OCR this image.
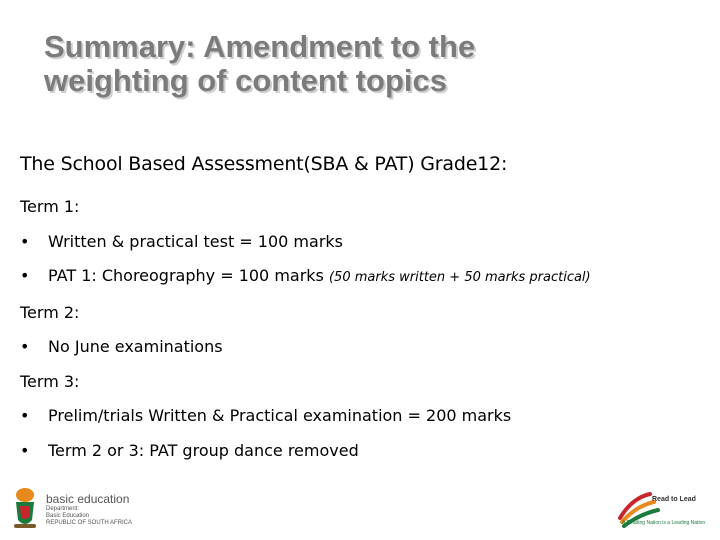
Summary: Amendment to the
weighting of content topics
The School Based Assessment(SBA & PAT) Grade12:
Term 1:
• Written & practical test = 100 marks
• PAT 1: Choreography = 100 marks (50 marks written + 50 marks practical)
Term 2:
• No June examinations
Term 3:
• Prelim/trials Written & Practical examination = 200 marks
• Term 2 or 3: PAT group dance removed
basic education
Department:
Basic Education
REPUBLIC OF SOUTH AFRICA
Read to Lead
A Reading Nation is a Leading Nation
